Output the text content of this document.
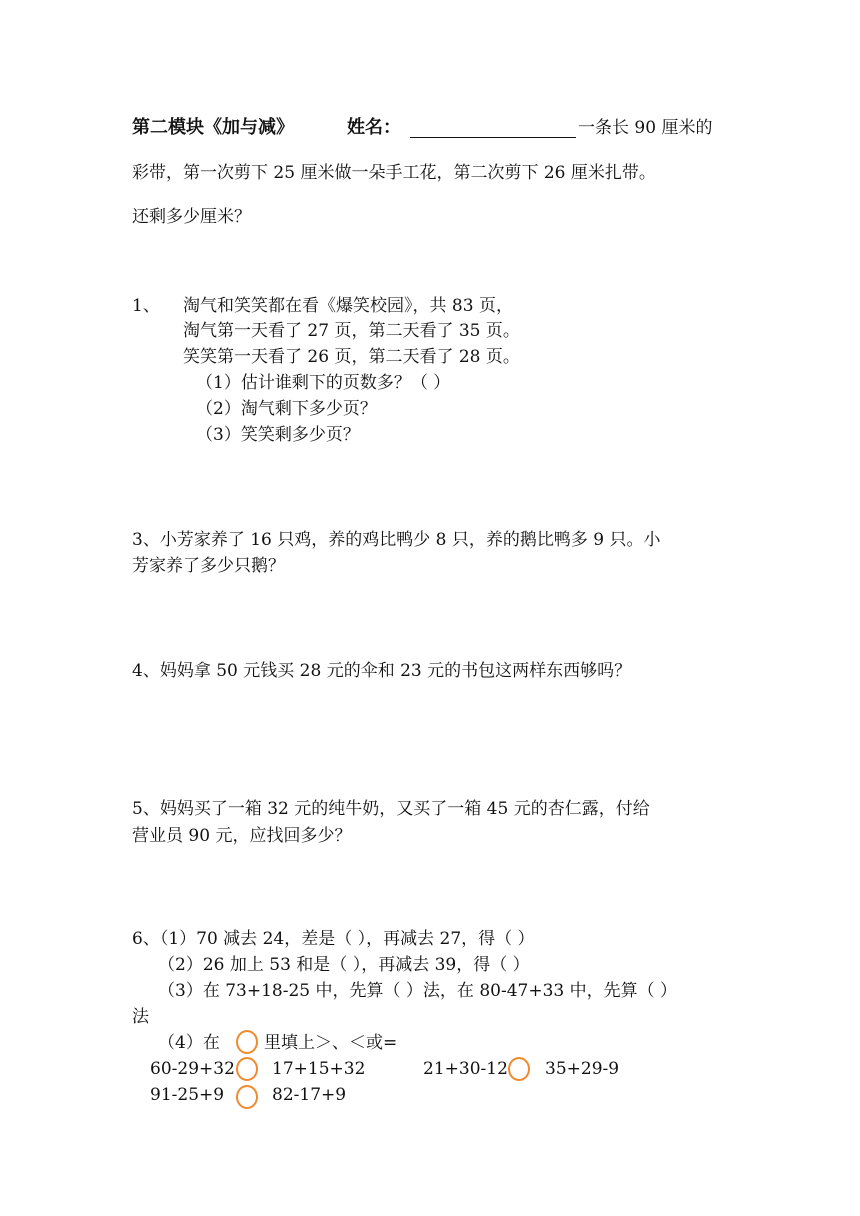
第二模块《加与减》	姓名：	一条长 90 厘米的
彩带，第一次剪下 25 厘米做一朵手工花，第二次剪下 26 厘米扎带。
还剩多少厘米？
1、 淘气和笑笑都在看《爆笑校园》，共 83 页，
淘气第一天看了 27 页，第二天看了 35 页。
笑笑第一天看了 26 页，第二天看了 28 页。
（1）估计谁剩下的页数多？（ ）
（2）淘气剩下多少页？
（3）笑笑剩多少页？
3、小芳家养了 16 只鸡，养的鸡比鸭少 8 只，养的鹅比鸭多 9 只。小
芳家养了多少只鹅？
4、妈妈拿 50 元钱买 28 元的伞和 23 元的书包这两样东西够吗？
5、妈妈买了一箱 32 元的纯牛奶，又买了一箱 45 元的杏仁露，付给
营业员 90 元，应找回多少？
6、（1）70 减去 24，差是（ ），再减去 27，得（ ）
（2）26 加上 53 和是（ ），再减去 39，得（ ）
（3）在 73+18-25 中，先算（ ）法，在 80-47+33 中，先算（ ）
法
（4）在	里填上＞、＜或=
60-29+32 17+15+32	21+30-12 35+29-9
91-25+9	82-17+9
